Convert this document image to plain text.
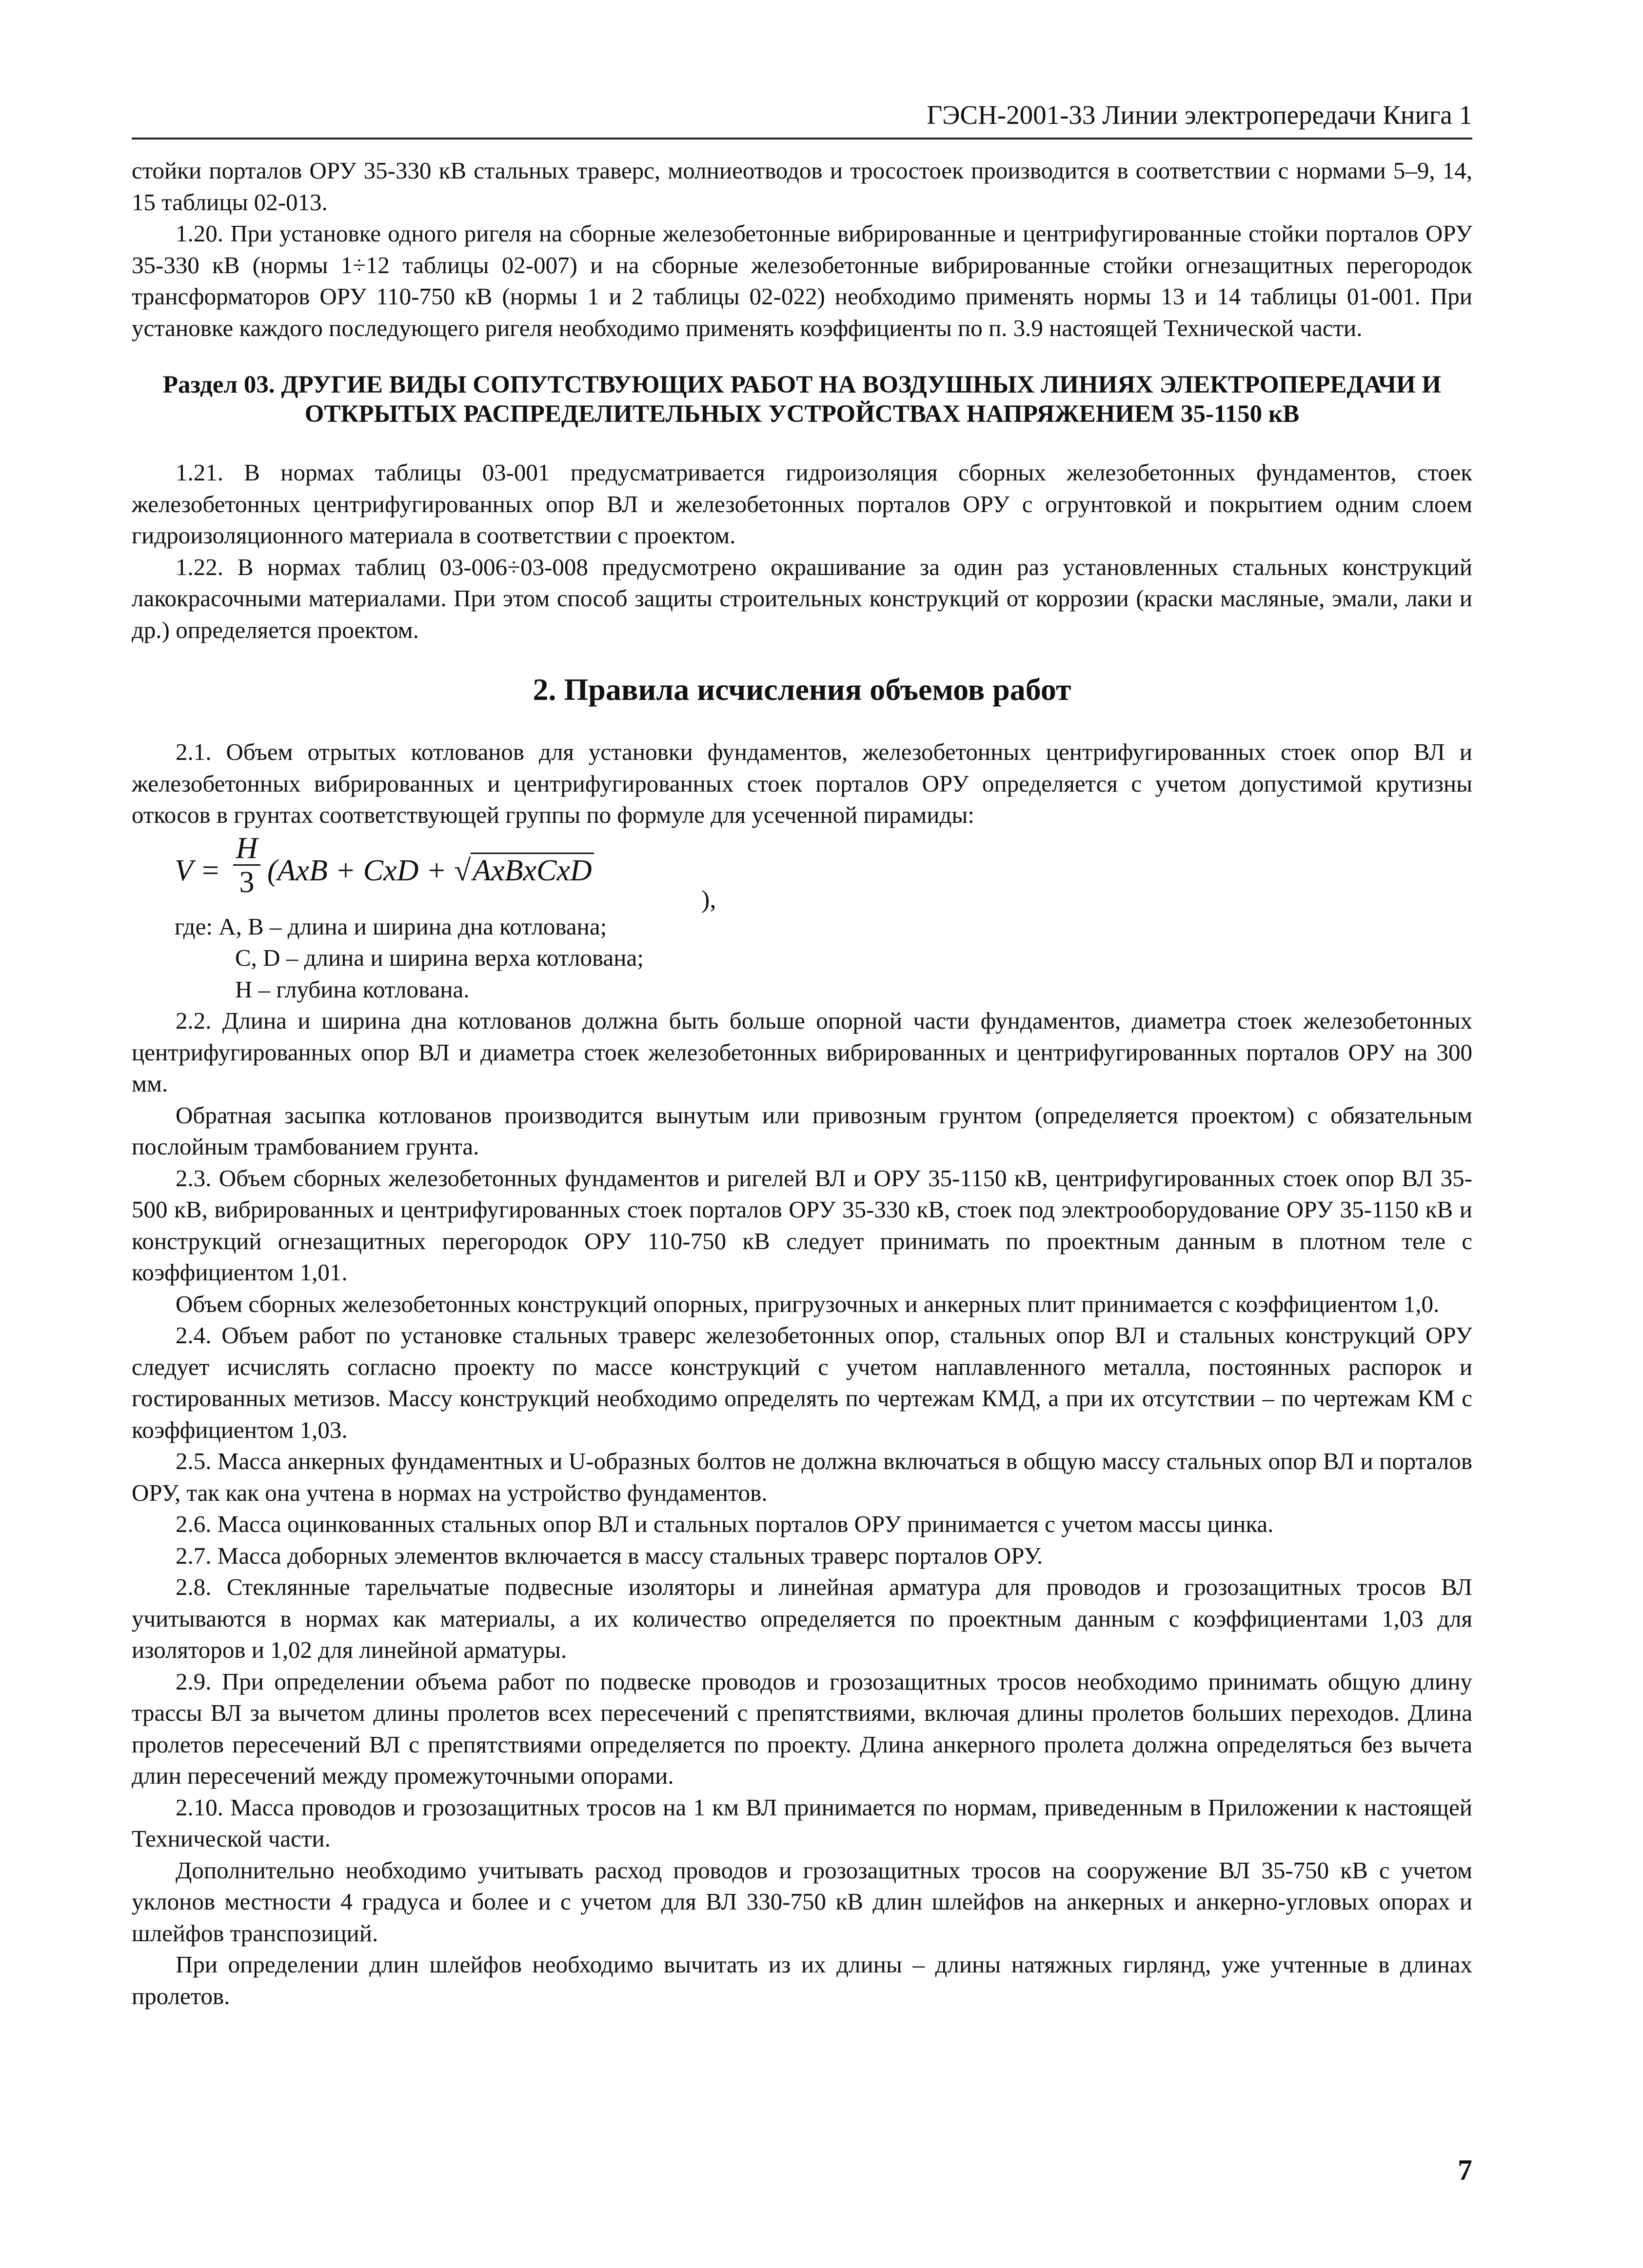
ГЭСН-2001-33 Линии электропередачи Книга 1

стойки порталов ОРУ 35-330 кВ стальных траверс, молниеотводов и тросостоек производится в соответствии с нормами 5–9, 14, 15 таблицы 02-013.

1.20. При установке одного ригеля на сборные железобетонные вибрированные и центрифугированные стойки порталов ОРУ 35-330 кВ (нормы 1÷12 таблицы 02-007) и на сборные железобетонные вибрированные стойки огнезащитных перегородок трансформаторов ОРУ 110-750 кВ (нормы 1 и 2 таблицы 02-022) необходимо применять нормы 13 и 14 таблицы 01-001. При установке каждого последующего ригеля необходимо применять коэффициенты по п. 3.9 настоящей Технической части.

Раздел 03. ДРУГИЕ ВИДЫ СОПУТСТВУЮЩИХ РАБОТ НА ВОЗДУШНЫХ ЛИНИЯХ ЭЛЕКТРОПЕРЕДАЧИ И ОТКРЫТЫХ РАСПРЕДЕЛИТЕЛЬНЫХ УСТРОЙСТВАХ НАПРЯЖЕНИЕМ 35-1150 кВ

1.21. В нормах таблицы 03-001 предусматривается гидроизоляция сборных железобетонных фундаментов, стоек железобетонных центрифугированных опор ВЛ и железобетонных порталов ОРУ с огрунтовкой и покрытием одним слоем гидроизоляционного материала в соответствии с проектом.

1.22. В нормах таблиц 03-006÷03-008 предусмотрено окрашивание за один раз установленных стальных конструкций лакокрасочными материалами. При этом способ защиты строительных конструкций от коррозии (краски масляные, эмали, лаки и др.) определяется проектом.

2. Правила исчисления объемов работ

2.1. Объем отрытых котлованов для установки фундаментов, железобетонных центрифугированных стоек опор ВЛ и железобетонных вибрированных и центрифугированных стоек порталов ОРУ определяется с учетом допустимой крутизны откосов в грунтах соответствующей группы по формуле для усеченной пирамиды:

V =
H
3 (AxB + CxD + √AxBxCxD
),
где: А, В – длина и ширина дна котлована;
С, D – длина и ширина верха котлована;
Н – глубина котлована.

2.2. Длина и ширина дна котлованов должна быть больше опорной части фундаментов, диаметра стоек железобетонных центрифугированных опор ВЛ и диаметра стоек железобетонных вибрированных и центрифугированных порталов ОРУ на 300 мм.

Обратная засыпка котлованов производится вынутым или привозным грунтом (определяется проектом) с обязательным послойным трамбованием грунта.

2.3. Объем сборных железобетонных фундаментов и ригелей ВЛ и ОРУ 35-1150 кВ, центрифугированных стоек опор ВЛ 35-500 кВ, вибрированных и центрифугированных стоек порталов ОРУ 35-330 кВ, стоек под электрооборудование ОРУ 35-1150 кВ и конструкций огнезащитных перегородок ОРУ 110-750 кВ следует принимать по проектным данным в плотном теле с коэффициентом 1,01.

Объем сборных железобетонных конструкций опорных, пригрузочных и анкерных плит принимается с коэффициентом 1,0.

2.4. Объем работ по установке стальных траверс железобетонных опор, стальных опор ВЛ и стальных конструкций ОРУ следует исчислять согласно проекту по массе конструкций с учетом наплавленного металла, постоянных распорок и гостированных метизов. Массу конструкций необходимо определять по чертежам КМД, а при их отсутствии – по чертежам КМ с коэффициентом 1,03.

2.5. Масса анкерных фундаментных и U-образных болтов не должна включаться в общую массу стальных опор ВЛ и порталов ОРУ, так как она учтена в нормах на устройство фундаментов.

2.6. Масса оцинкованных стальных опор ВЛ и стальных порталов ОРУ принимается с учетом массы цинка.

2.7. Масса доборных элементов включается в массу стальных траверс порталов ОРУ.

2.8. Стеклянные тарельчатые подвесные изоляторы и линейная арматура для проводов и грозозащитных тросов ВЛ учитываются в нормах как материалы, а их количество определяется по проектным данным с коэффициентами 1,03 для изоляторов и 1,02 для линейной арматуры.

2.9. При определении объема работ по подвеске проводов и грозозащитных тросов необходимо принимать общую длину трассы ВЛ за вычетом длины пролетов всех пересечений с препятствиями, включая длины пролетов больших переходов. Длина пролетов пересечений ВЛ с препятствиями определяется по проекту. Длина анкерного пролета должна определяться без вычета длин пересечений между промежуточными опорами.

2.10. Масса проводов и грозозащитных тросов на 1 км ВЛ принимается по нормам, приведенным в Приложении к настоящей Технической части.

Дополнительно необходимо учитывать расход проводов и грозозащитных тросов на сооружение ВЛ 35-750 кВ с учетом уклонов местности 4 градуса и более и с учетом для ВЛ 330-750 кВ длин шлейфов на анкерных и анкерно-угловых опорах и шлейфов транспозиций.

При определении длин шлейфов необходимо вычитать из их длины – длины натяжных гирлянд, уже учтенные в длинах пролетов.

7
